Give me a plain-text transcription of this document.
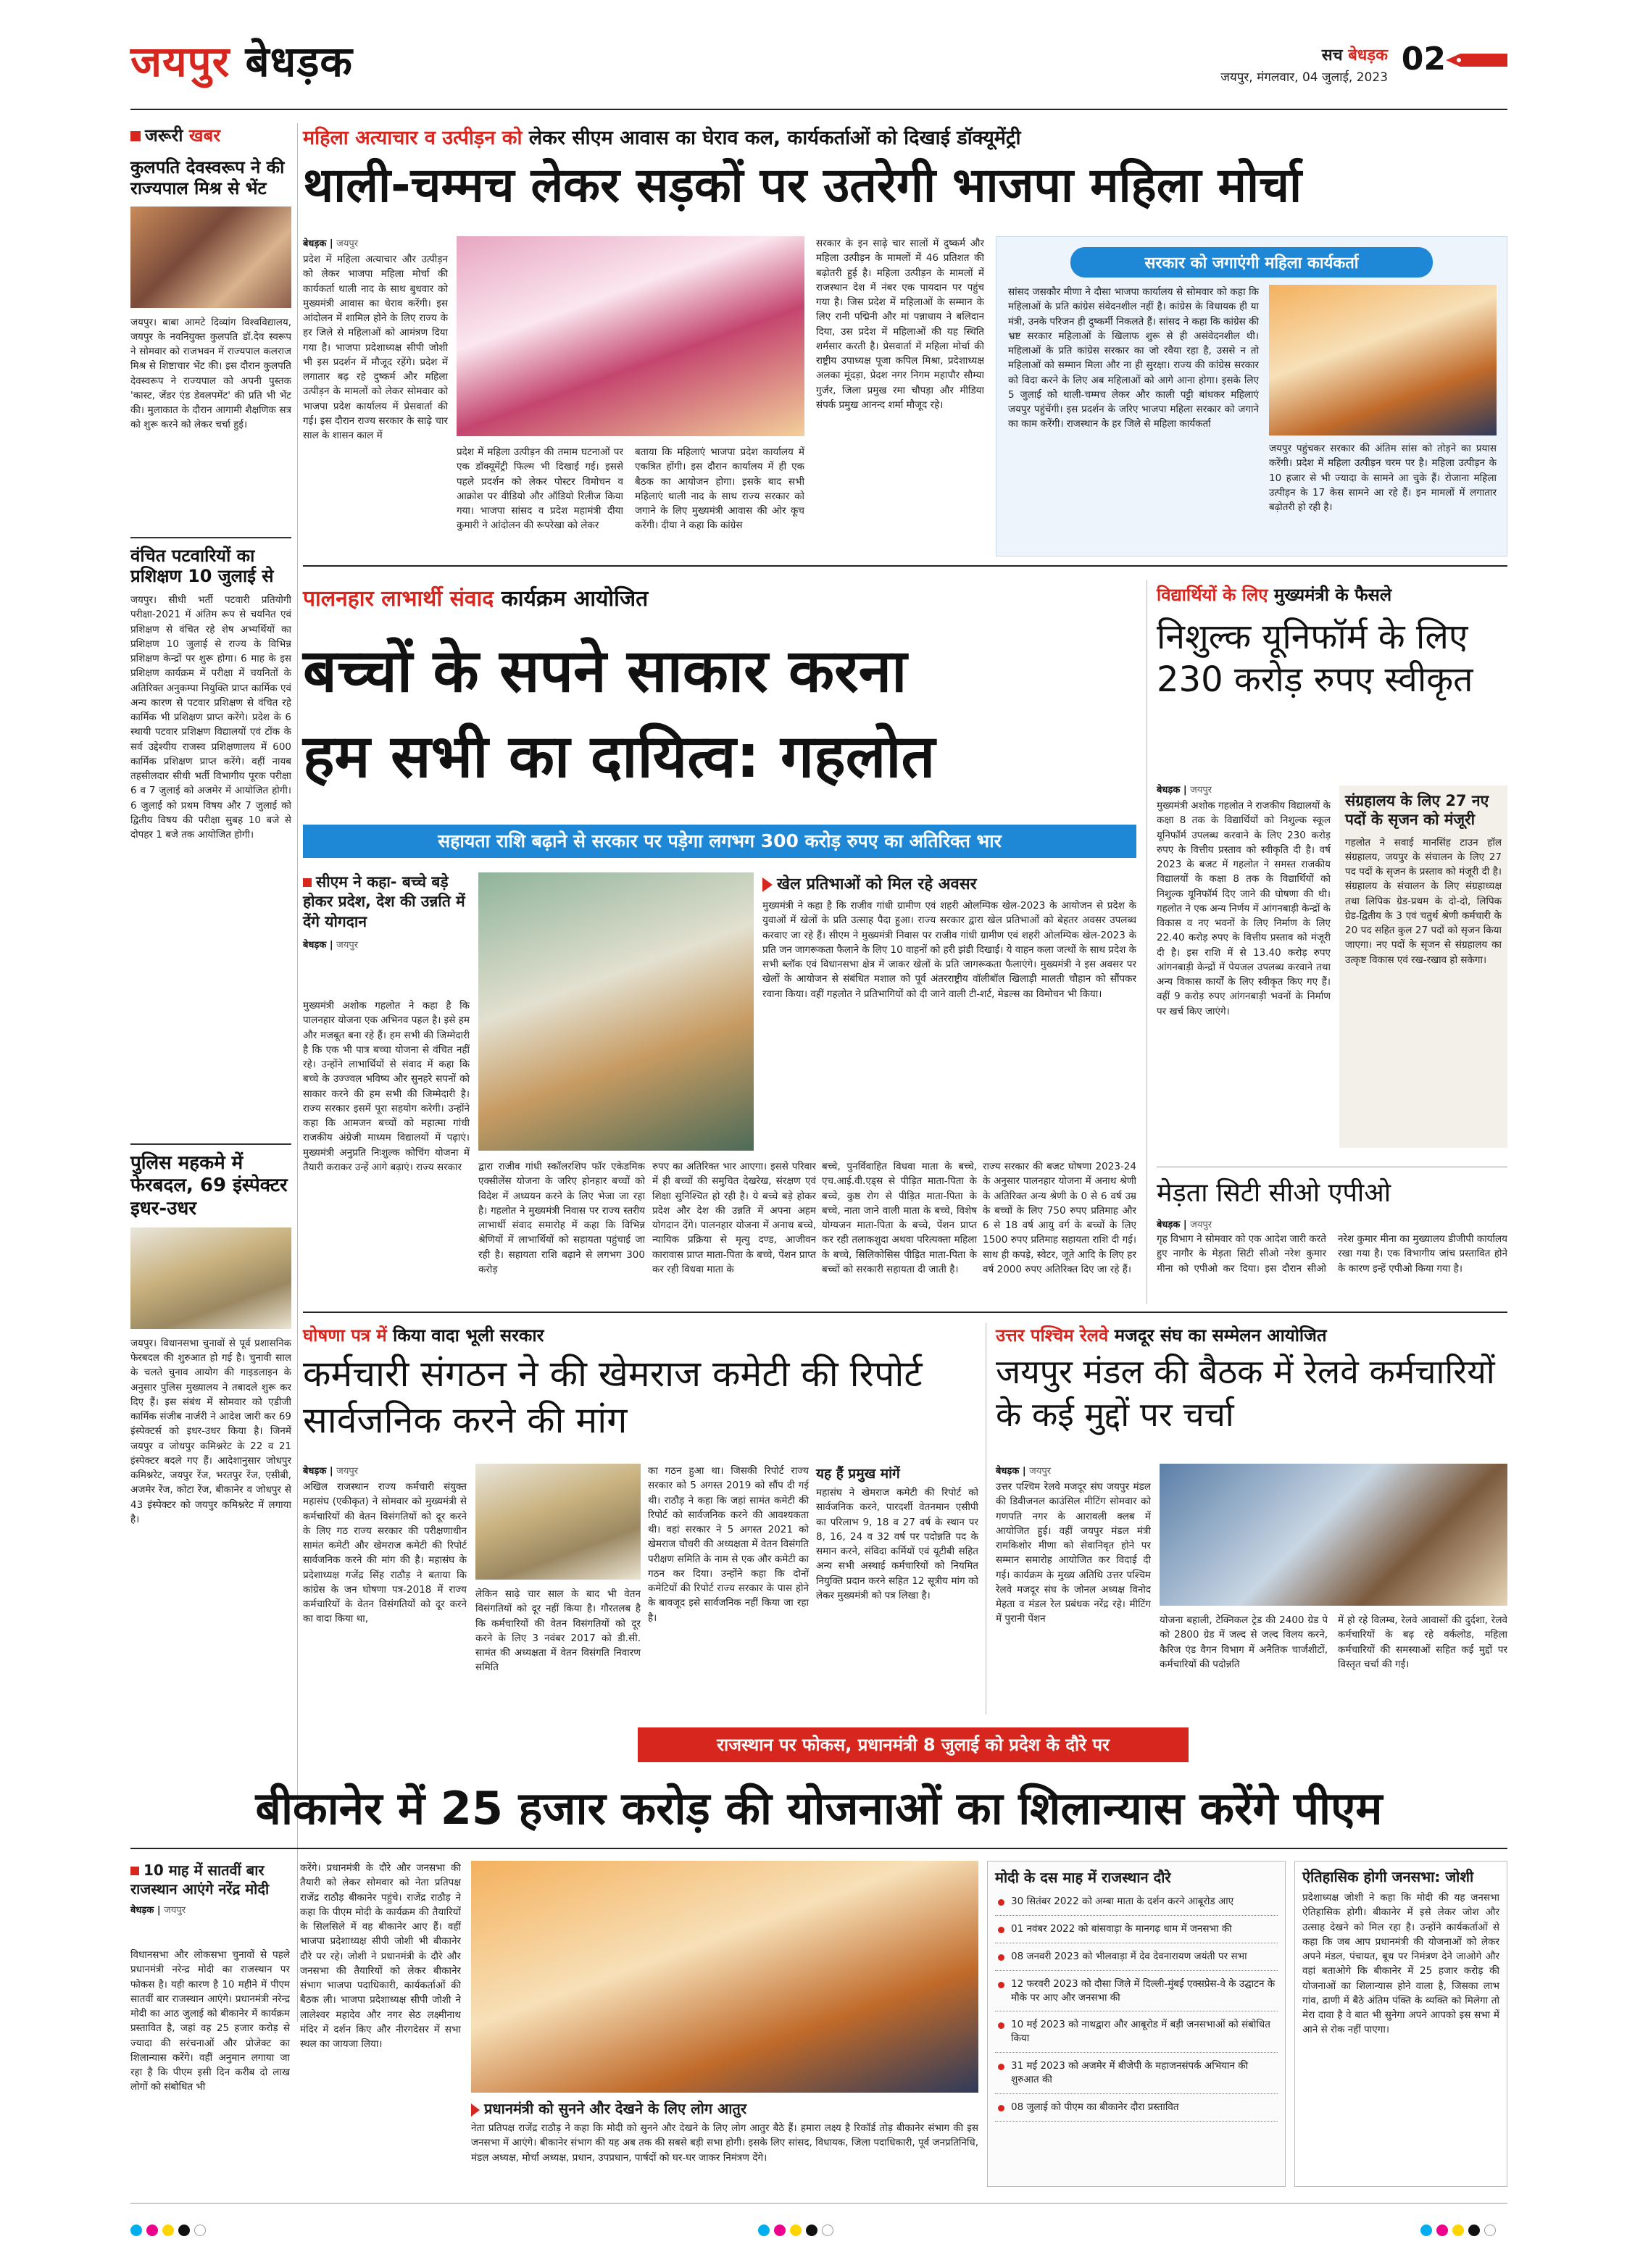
जयपुर बेधड़क	सच बेधड़क
जयपुर, मंगलवार, 04 जुलाई, 2023 02
जरूरी खबर
कुलपति देवस्वरूप ने की राज्यपाल मिश्र से भेंट
जयपुर। बाबा आमटे दिव्यांग विश्वविद्यालय, जयपुर के नवनियुक्त कुलपति डॉ.देव स्वरूप ने सोमवार को राजभवन में राज्यपाल कलराज मिश्र से शिष्टाचार भेंट की। इस दौरान कुलपति देवस्वरूप ने राज्यपाल को अपनी पुस्तक 'कास्ट, जेंडर एंड डेवलपमेंट' की प्रति भी भेंट की। मुलाकात के दौरान आगामी शैक्षणिक सत्र को शुरू करने को लेकर चर्चा हुई।
वंचित पटवारियों का प्रशिक्षण 10 जुलाई से
जयपुर। सीधी भर्ती पटवारी प्रतियोगी परीक्षा-2021 में अंतिम रूप से चयनित एवं प्रशिक्षण से वंचित रहे शेष अभ्यर्थियों का प्रशिक्षण 10 जुलाई से राज्य के विभिन्न प्रशिक्षण केन्द्रों पर शुरू होगा। 6 माह के इस प्रशिक्षण कार्यक्रम में परीक्षा में चयनितों के अतिरिक्त अनुकम्पा नियुक्ति प्राप्त कार्मिक एवं अन्य कारण से पटवार प्रशिक्षण से वंचित रहे कार्मिक भी प्रशिक्षण प्राप्त करेंगे। प्रदेश के 6 स्थायी पटवार प्रशिक्षण विद्यालयों एवं टोंक के सर्व उद्देश्यीय राजस्व प्रशिक्षणालय में 600 कार्मिक प्रशिक्षण प्राप्त करेंगे। वहीं नायब तहसीलदार सीधी भर्ती विभागीय पूरक परीक्षा 6 व 7 जुलाई को अजमेर में आयोजित होगी। 6 जुलाई को प्रथम विषय और 7 जुलाई को द्वितीय विषय की परीक्षा सुबह 10 बजे से दोपहर 1 बजे तक आयोजित होगी।
पुलिस महकमे में फेरबदल, 69 इंस्पेक्टर इधर-उधर
जयपुर। विधानसभा चुनावों से पूर्व प्रशासनिक फेरबदल की शुरुआत हो गई है। चुनावी साल के चलते चुनाव आयोग की गाइडलाइन के अनुसार पुलिस मुख्यालय ने तबादले शुरू कर दिए हैं। इस संबंध में सोमवार को एडीजी कार्मिक संजीब नार्जरी ने आदेश जारी कर 69 इंस्पेक्टर्स को इधर-उधर किया है। जिनमें जयपुर व जोधपुर कमिश्नरेट के 22 व 21 इंस्पेक्टर बदले गए हैं। आदेशानुसार जोधपुर कमिश्नरेट, जयपुर रेंज, भरतपुर रेंज, एसीबी, अजमेर रेंज, कोटा रेंज, बीकानेर व जोधपुर से 43 इंस्पेक्टर को जयपुर कमिश्नरेट में लगाया है।
महिला अत्याचार व उत्पीड़न को लेकर सीएम आवास का घेराव कल, कार्यकर्ताओं को दिखाई डॉक्यूमेंट्री
थाली-चम्मच लेकर सड़कों पर उतरेगी भाजपा महिला मोर्चा
बेधड़क | जयपुर
प्रदेश में महिला अत्याचार और उत्पीड़न को लेकर भाजपा महिला मोर्चा की कार्यकर्ता थाली नाद के साथ बुधवार को मुख्यमंत्री आवास का घेराव करेंगी। इस आंदोलन में शामिल होने के लिए राज्य के हर जिले से महिलाओं को आमंत्रण दिया गया है। भाजपा प्रदेशाध्यक्ष सीपी जोशी भी इस प्रदर्शन में मौजूद रहेंगे। प्रदेश में लगातार बढ़ रहे दुष्कर्म और महिला उत्पीड़न के मामलों को लेकर सोमवार को भाजपा प्रदेश कार्यालय में प्रेसवार्ता की गई। इस दौरान राज्य सरकार के साढ़े चार साल के शासन काल में
प्रदेश में महिला उत्पीड़न की तमाम घटनाओं पर एक डॉक्यूमेंट्री फिल्म भी दिखाई गई। इससे पहले प्रदर्शन को लेकर पोस्टर विमोचन व आक्रोश पर वीडियो और ऑडियो रिलीज किया गया। भाजपा सांसद व प्रदेश महामंत्री दीया कुमारी ने आंदोलन की रूपरेखा को लेकर
बताया कि महिलाएं भाजपा प्रदेश कार्यालय में एकत्रित होंगी। इस दौरान कार्यालय में ही एक बैठक का आयोजन होगा। इसके बाद सभी महिलाएं थाली नाद के साथ राज्य सरकार को जगाने के लिए मुख्यमंत्री आवास की ओर कूच करेंगी। दीया ने कहा कि कांग्रेस
सरकार के इन साढ़े चार सालों में दुष्कर्म और महिला उत्पीड़न के मामलों में 46 प्रतिशत की बढ़ोतरी हुई है। महिला उत्पीड़न के मामलों में राजस्थान देश में नंबर एक पायदान पर पहुंच गया है। जिस प्रदेश में महिलाओं के सम्मान के लिए रानी पद्मिनी और मां पन्नाधाय ने बलिदान दिया, उस प्रदेश में महिलाओं की यह स्थिति शर्मसार करती है। प्रेसवार्ता में महिला मोर्चा की राष्ट्रीय उपाध्यक्ष पूजा कपिल मिश्रा, प्रदेशाध्यक्ष अलका मूंदड़ा, प्रेदश नगर निगम महापौर सौम्या गुर्जर, जिला प्रमुख रमा चौपड़ा और मीडिया संपर्क प्रमुख आनन्द शर्मा मौजूद रहे।
सरकार को जगाएंगी महिला कार्यकर्ता
सांसद जसकौर मीणा ने दौसा भाजपा कार्यालय से सोमवार को कहा कि महिलाओं के प्रति कांग्रेस संवेदनशील नहीं है। कांग्रेस के विधायक ही या मंत्री, उनके परिजन ही दुष्कर्मी निकलते हैं। सांसद ने कहा कि कांग्रेस की भ्रष्ट सरकार महिलाओं के खिलाफ शुरू से ही असंवेदनशील थी। महिलाओं के प्रति कांग्रेस सरकार का जो रवैया रहा है, उससे न तो महिलाओं को सम्मान मिला और ना ही सुरक्षा। राज्य की कांग्रेस सरकार को विदा करने के लिए अब महिलाओं को आगे आना होगा। इसके लिए 5 जुलाई को थाली-चम्मच लेकर और काली पट्टी बांधकर महिलाएं जयपुर पहुंचेंगी। इस प्रदर्शन के जरिए भाजपा महिला सरकार को जगाने का काम करेंगी। राजस्थान के हर जिले से महिला कार्यकर्ता
जयपुर पहुंचकर सरकार की अंतिम सांस को तोड़ने का प्रयास करेंगी। प्रदेश में महिला उत्पीड़न चरम पर है। महिला उत्पीड़न के 10 हजार से भी ज्यादा के सामने आ चुके हैं। रोजाना महिला उत्पीड़न के 17 केस सामने आ रहे हैं। इन मामलों में लगातार बढ़ोतरी हो रही है।
पालनहार लाभार्थी संवाद कार्यक्रम आयोजित
बच्चों के सपने साकार करना
हम सभी का दायित्व: गहलोत
सहायता राशि बढ़ाने से सरकार पर पड़ेगा लगभग 300 करोड़ रुपए का अतिरिक्त भार
सीएम ने कहा- बच्चे बड़े होकर प्रदेश, देश की उन्नति में देंगे योगदान
बेधड़क | जयपुर
मुख्यमंत्री अशोक गहलोत ने कहा है कि पालनहार योजना एक अभिनव पहल है। इसे हम और मजबूत बना रहे हैं। हम सभी की जिम्मेदारी है कि एक भी पात्र बच्चा योजना से वंचित नहीं रहे। उन्होंने लाभार्थियों से संवाद में कहा कि बच्चे के उज्ज्वल भविष्य और सुनहरे सपनों को साकार करने की हम सभी की जिम्मेदारी है। राज्य सरकार इसमें पूरा सहयोग करेगी। उन्होंने कहा कि आमजन बच्चों को महात्मा गांधी राजकीय अंग्रेजी माध्यम विद्यालयों में पढ़ाएं। मुख्यमंत्री अनुप्रति निःशुल्क कोचिंग योजना में तैयारी कराकर उन्हें आगे बढ़ाएं। राज्य सरकार
खेल प्रतिभाओं को मिल रहे अवसर
मुख्यमंत्री ने कहा है कि राजीव गांधी ग्रामीण एवं शहरी ओलम्पिक खेल-2023 के आयोजन से प्रदेश के युवाओं में खेलों के प्रति उत्साह पैदा हुआ। राज्य सरकार द्वारा खेल प्रतिभाओं को बेहतर अवसर उपलब्ध करवाए जा रहे हैं। सीएम ने मुख्यमंत्री निवास पर राजीव गांधी ग्रामीण एवं शहरी ओलम्पिक खेल-2023 के प्रति जन जागरूकता फैलाने के लिए 10 वाहनों को हरी झंडी दिखाई। ये वाहन कला जत्थों के साथ प्रदेश के सभी ब्लॉक एवं विधानसभा क्षेत्र में जाकर खेलों के प्रति जागरूकता फैलाएंगे। मुख्यमंत्री ने इस अवसर पर खेलों के आयोजन से संबंधित मशाल को पूर्व अंतरराष्ट्रीय वॉलीबॉल खिलाड़ी मालती चौहान को सौंपकर रवाना किया। वहीं गहलोत ने प्रतिभागियों को दी जाने वाली टी-शर्ट, मेडल्स का विमोचन भी किया।
द्वारा राजीव गांधी स्कॉलरशिप फॉर एकेडमिक एक्सीलेंस योजना के जरिए होनहार बच्चों को विदेश में अध्ययन करने के लिए भेजा जा रहा है। गहलोत ने मुख्यमंत्री निवास पर राज्य स्तरीय लाभार्थी संवाद समारोह में कहा कि विभिन्न श्रेणियों में लाभार्थियों को सहायता पहुंचाई जा रही है। सहायता राशि बढ़ाने से लगभग 300 करोड़
रुपए का अतिरिक्त भार आएगा। इससे परिवार में ही बच्चों की समुचित देखरेख, संरक्षण एवं शिक्षा सुनिश्चित हो रही है। ये बच्चे बड़े होकर प्रदेश और देश की उन्नति में अपना अहम योगदान देंगे। पालनहार योजना में अनाथ बच्चे, न्यायिक प्रक्रिया से मृत्यु दण्ड, आजीवन कारावास प्राप्त माता-पिता के बच्चे, पेंशन प्राप्त कर रही विधवा माता के
बच्चे, पुनर्विवाहित विधवा माता के बच्चे, एच.आई.वी.एड्स से पीड़ित माता-पिता के बच्चे, कुष्ठ रोग से पीड़ित माता-पिता के बच्चे, नाता जाने वाली माता के बच्चे, विशेष योग्यजन माता-पिता के बच्चे, पेंशन प्राप्त कर रही तलाकशुदा अथवा परित्यक्ता महिला के बच्चे, सिलिकोसिस पीड़ित माता-पिता के बच्चों को सरकारी सहायता दी जाती है।
राज्य सरकार की बजट घोषणा 2023-24 के अनुसार पालनहार योजना में अनाथ श्रेणी के अतिरिक्त अन्य श्रेणी के 0 से 6 वर्ष उम्र के बच्चों के लिए 750 रुपए प्रतिमाह और 6 से 18 वर्ष आयु वर्ग के बच्चों के लिए 1500 रुपए प्रतिमाह सहायता राशि दी गई। साथ ही कपड़े, स्वेटर, जूते आदि के लिए हर वर्ष 2000 रुपए अतिरिक्त दिए जा रहे हैं।
विद्यार्थियों के लिए मुख्यमंत्री के फैसले
निशुल्क यूनिफॉर्म के लिए 230 करोड़ रुपए स्वीकृत
बेधड़क | जयपुर
मुख्यमंत्री अशोक गहलोत ने राजकीय विद्यालयों के कक्षा 8 तक के विद्यार्थियों को निशुल्क स्कूल यूनिफॉर्म उपलब्ध करवाने के लिए 230 करोड़ रुपए के वित्तीय प्रस्ताव को स्वीकृति दी है। वर्ष 2023 के बजट में गहलोत ने समस्त राजकीय विद्यालयों के कक्षा 8 तक के विद्यार्थियों को निशुल्क यूनिफॉर्म दिए जाने की घोषणा की थी। गहलोत ने एक अन्य निर्णय में आंगनबाड़ी केन्द्रों के विकास व नए भवनों के लिए निर्माण के लिए 22.40 करोड़ रुपए के वित्तीय प्रस्ताव को मंजूरी दी है। इस राशि में से 13.40 करोड़ रुपए आंगनबाड़ी केन्द्रों में पेयजल उपलब्ध करवाने तथा अन्य विकास कार्यों के लिए स्वीकृत किए गए हैं। वहीं 9 करोड़ रुपए आंगनबाड़ी भवनों के निर्माण पर खर्च किए जाएंगे।
संग्रहालय के लिए 27 नए पदों के सृजन को मंजूरी
गहलोत ने सवाई मानसिंह टाउन हॉल संग्रहालय, जयपुर के संचालन के लिए 27 पद पदों के सृजन के प्रस्ताव को मंजूरी दी है। संग्रहालय के संचालन के लिए संग्रहाध्यक्ष तथा लिपिक ग्रेड-प्रथम के दो-दो, लिपिक ग्रेड-द्वितीय के 3 एवं चतुर्थ श्रेणी कर्मचारी के 20 पद सहित कुल 27 पदों को सृजन किया जाएगा। नए पदों के सृजन से संग्रहालय का उत्कृष्ट विकास एवं रख-रखाव हो सकेगा।
मेड़ता सिटी सीओ एपीओ
बेधड़क | जयपुर
गृह विभाग ने सोमवार को एक आदेश जारी करते हुए नागौर के मेड़ता सिटी सीओ नरेश कुमार मीना को एपीओ कर दिया। इस दौरान सीओ नरेश कुमार मीना का मुख्यालय डीजीपी कार्यालय रखा गया है। एक विभागीय जांच प्रस्तावित होने के कारण इन्हें एपीओ किया गया है।
घोषणा पत्र में किया वादा भूली सरकार
कर्मचारी संगठन ने की खेमराज कमेटी की रिपोर्ट सार्वजनिक करने की मांग
बेधड़क | जयपुर
अखिल राजस्थान राज्य कर्मचारी संयुक्त महासंघ (एकीकृत) ने सोमवार को मुख्यमंत्री से कर्मचारियों की वेतन विसंगतियों को दूर करने के लिए गठ राज्य सरकार की परीक्षणाधीन सामंत कमेटी और खेमराज कमेटी की रिपोर्ट सार्वजनिक करने की मांग की है। महासंघ के प्रदेशाध्यक्ष गजेंद्र सिंह राठौड़ ने बताया कि कांग्रेस के जन घोषणा पत्र-2018 में राज्य कर्मचारियों के वेतन विसंगतियों को दूर करने का वादा किया था,
लेकिन साढ़े चार साल के बाद भी वेतन विसंगतियों को दूर नहीं किया है। गौरतलब है कि कर्मचारियों की वेतन विसंगतियों को दूर करने के लिए 3 नवंबर 2017 को डी.सी. सामंत की अध्यक्षता में वेतन विसंगति निवारण समिति
का गठन हुआ था। जिसकी रिपोर्ट राज्य सरकार को 5 अगस्त 2019 को सौंप दी गई थी। राठौड़ ने कहा कि जहां सामंत कमेटी की रिपोर्ट को सार्वजनिक करने की आवश्यकता थी। वहां सरकार ने 5 अगस्त 2021 को खेमराज चौधरी की अध्यक्षता में वेतन विसंगति परीक्षण समिति के नाम से एक और कमेटी का गठन कर दिया। उन्होंने कहा कि दोनों कमेटियों की रिपोर्ट राज्य सरकार के पास होने के बावजूद इसे सार्वजनिक नहीं किया जा रहा है।
यह हैं प्रमुख मांगें
महासंघ ने खेमराज कमेटी की रिपोर्ट को सार्वजनिक करने, पारदर्शी वेतनमान एसीपी का परिलाभ 9, 18 व 27 वर्ष के स्थान पर 8, 16, 24 व 32 वर्ष पर पदोन्नति पद के समान करने, संविदा कर्मियों एवं यूटीबी सहित अन्य सभी अस्थाई कर्मचारियों को नियमित नियुक्ति प्रदान करने सहित 12 सूत्रीय मांग को लेकर मुख्यमंत्री को पत्र लिखा है।
उत्तर पश्चिम रेलवे मजदूर संघ का सम्मेलन आयोजित
जयपुर मंडल की बैठक में रेलवे कर्मचारियों के कई मुद्दों पर चर्चा
बेधड़क | जयपुर
उत्तर पश्चिम रेलवे मजदूर संघ जयपुर मंडल की डिवीजनल काउंसिल मीटिंग सोमवार को गणपति नगर के आरावली क्लब में आयोजित हुई। वहीं जयपुर मंडल मंत्री रामकिशोर मीणा को सेवानिवृत होने पर सम्मान समारोह आयोजित कर विदाई दी गई। कार्यक्रम के मुख्य अतिथि उत्तर पश्चिम रेलवे मजदूर संघ के जोनल अध्यक्ष विनोद मेहता व मंडल रेल प्रबंधक नरेंद्र रहे। मीटिंग में पुरानी पेंशन	योजना बहाली, टेक्निकल ट्रेड की 2400 ग्रेड पे को 2800 ग्रेड में जल्द से जल्द विलय करने, कैरिज एंड वैगन विभाग में अनैतिक चार्जशीटों, कर्मचारियों की पदोन्नति
में हो रहे विलम्ब, रेलवे आवासों की दुर्दशा, रेलवे कर्मचारियों के बढ़ रहे वर्कलोड, महिला कर्मचारियों की समस्याओं सहित कई मुद्दों पर विस्तृत चर्चा की गई।
राजस्थान पर फोकस, प्रधानमंत्री 8 जुलाई को प्रदेश के दौरे पर
बीकानेर में 25 हजार करोड़ की योजनाओं का शिलान्यास करेंगे पीएम
10 माह में सातवीं बार राजस्थान आएंगे नरेंद्र मोदी
बेधड़क | जयपुर
विधानसभा और लोकसभा चुनावों से पहले प्रधानमंत्री नरेन्द्र मोदी का राजस्थान पर फोकस है। यही कारण है 10 महीने में पीएम सातवीं बार राजस्थान आएंगे। प्रधानमंत्री नरेन्द्र मोदी का आठ जुलाई को बीकानेर में कार्यक्रम प्रस्तावित है, जहां वह 25 हजार करोड़ से ज्यादा की सरंचनाओं और प्रोजेक्ट का शिलान्यास करेंगे। वहीं अनुमान लगाया जा रहा है कि पीएम इसी दिन करीब दो लाख लोगों को संबोधित भी
करेंगे। प्रधानमंत्री के दौरे और जनसभा की तैयारी को लेकर सोमवार को नेता प्रतिपक्ष राजेंद्र राठौड़ बीकानेर पहुंचे। राजेंद्र राठौड़ ने कहा कि पीएम मोदी के कार्यक्रम की तैयारियों के सिलसिले में वह बीकानेर आए हैं। वहीं भाजपा प्रदेशाध्यक्ष सीपी जोशी भी बीकानेर दौरे पर रहे। जोशी ने प्रधानमंत्री के दौरे और जनसभा की तैयारियों को लेकर बीकानेर संभाग भाजपा पदाधिकारी, कार्यकर्ताओं की बैठक ली। भाजपा प्रदेशाध्यक्ष सीपी जोशी ने लालेश्वर महादेव और नगर सेठ लक्ष्मीनाथ मंदिर में दर्शन किए और नीरगदेसर में सभा स्थल का जायजा लिया।
प्रधानमंत्री को सुनने और देखने के लिए लोग आतुर
नेता प्रतिपक्ष राजेंद्र राठौड़ ने कहा कि मोदी को सुनने और देखने के लिए लोग आतुर बैठे हैं। हमारा लक्ष्य है रिकॉर्ड तोड़ बीकानेर संभाग की इस जनसभा में आएंगे। बीकानेर संभाग की यह अब तक की सबसे बड़ी सभा होगी। इसके लिए सांसद, विधायक, जिला पदाधिकारी, पूर्व जनप्रतिनिधि, मंडल अध्यक्ष, मोर्चा अध्यक्ष, प्रधान, उपप्रधान, पार्षदों को घर-घर जाकर निमंत्रण देंगे।
मोदी के दस माह में राजस्थान दौरे
30 सितंबर 2022 को अम्बा माता के दर्शन करने आबूरोड आए
01 नवंबर 2022 को बांसवाड़ा के मानगढ़ धाम में जनसभा की
08 जनवरी 2023 को भीलवाड़ा में देव देवनारायण जयंती पर सभा
12 फरवरी 2023 को दौसा जिले में दिल्ली-मुंबई एक्सप्रेस-वे के उद्घाटन के मौके पर आए और जनसभा की
10 मई 2023 को नाथद्वारा और आबूरोड में बड़ी जनसभाओं को संबोधित किया
31 मई 2023 को अजमेर में बीजेपी के महाजनसंपर्क अभियान की शुरुआत की
08 जुलाई को पीएम का बीकानेर दौरा प्रस्तावित
ऐतिहासिक होगी जनसभा: जोशी
प्रदेशाध्यक्ष जोशी ने कहा कि मोदी की यह जनसभा ऐतिहासिक होगी। बीकानेर में इसे लेकर जोश और उत्साह देखने को मिल रहा है। उन्होंने कार्यकर्ताओं से कहा कि जब आप प्रधानमंत्री की योजनाओं को लेकर अपने मंडल, पंचायत, बूथ पर निमंत्रण देने जाओगे और वहां बताओगे कि बीकानेर में 25 हजार करोड़ की योजनाओं का शिलान्यास होने वाला है, जिसका लाभ गांव, ढाणी में बैठे अंतिम पंक्ति के व्यक्ति को मिलेगा तो मेरा दावा है वे बात भी सुनेगा अपने आपको इस सभा में आने से रोक नहीं पाएगा।
